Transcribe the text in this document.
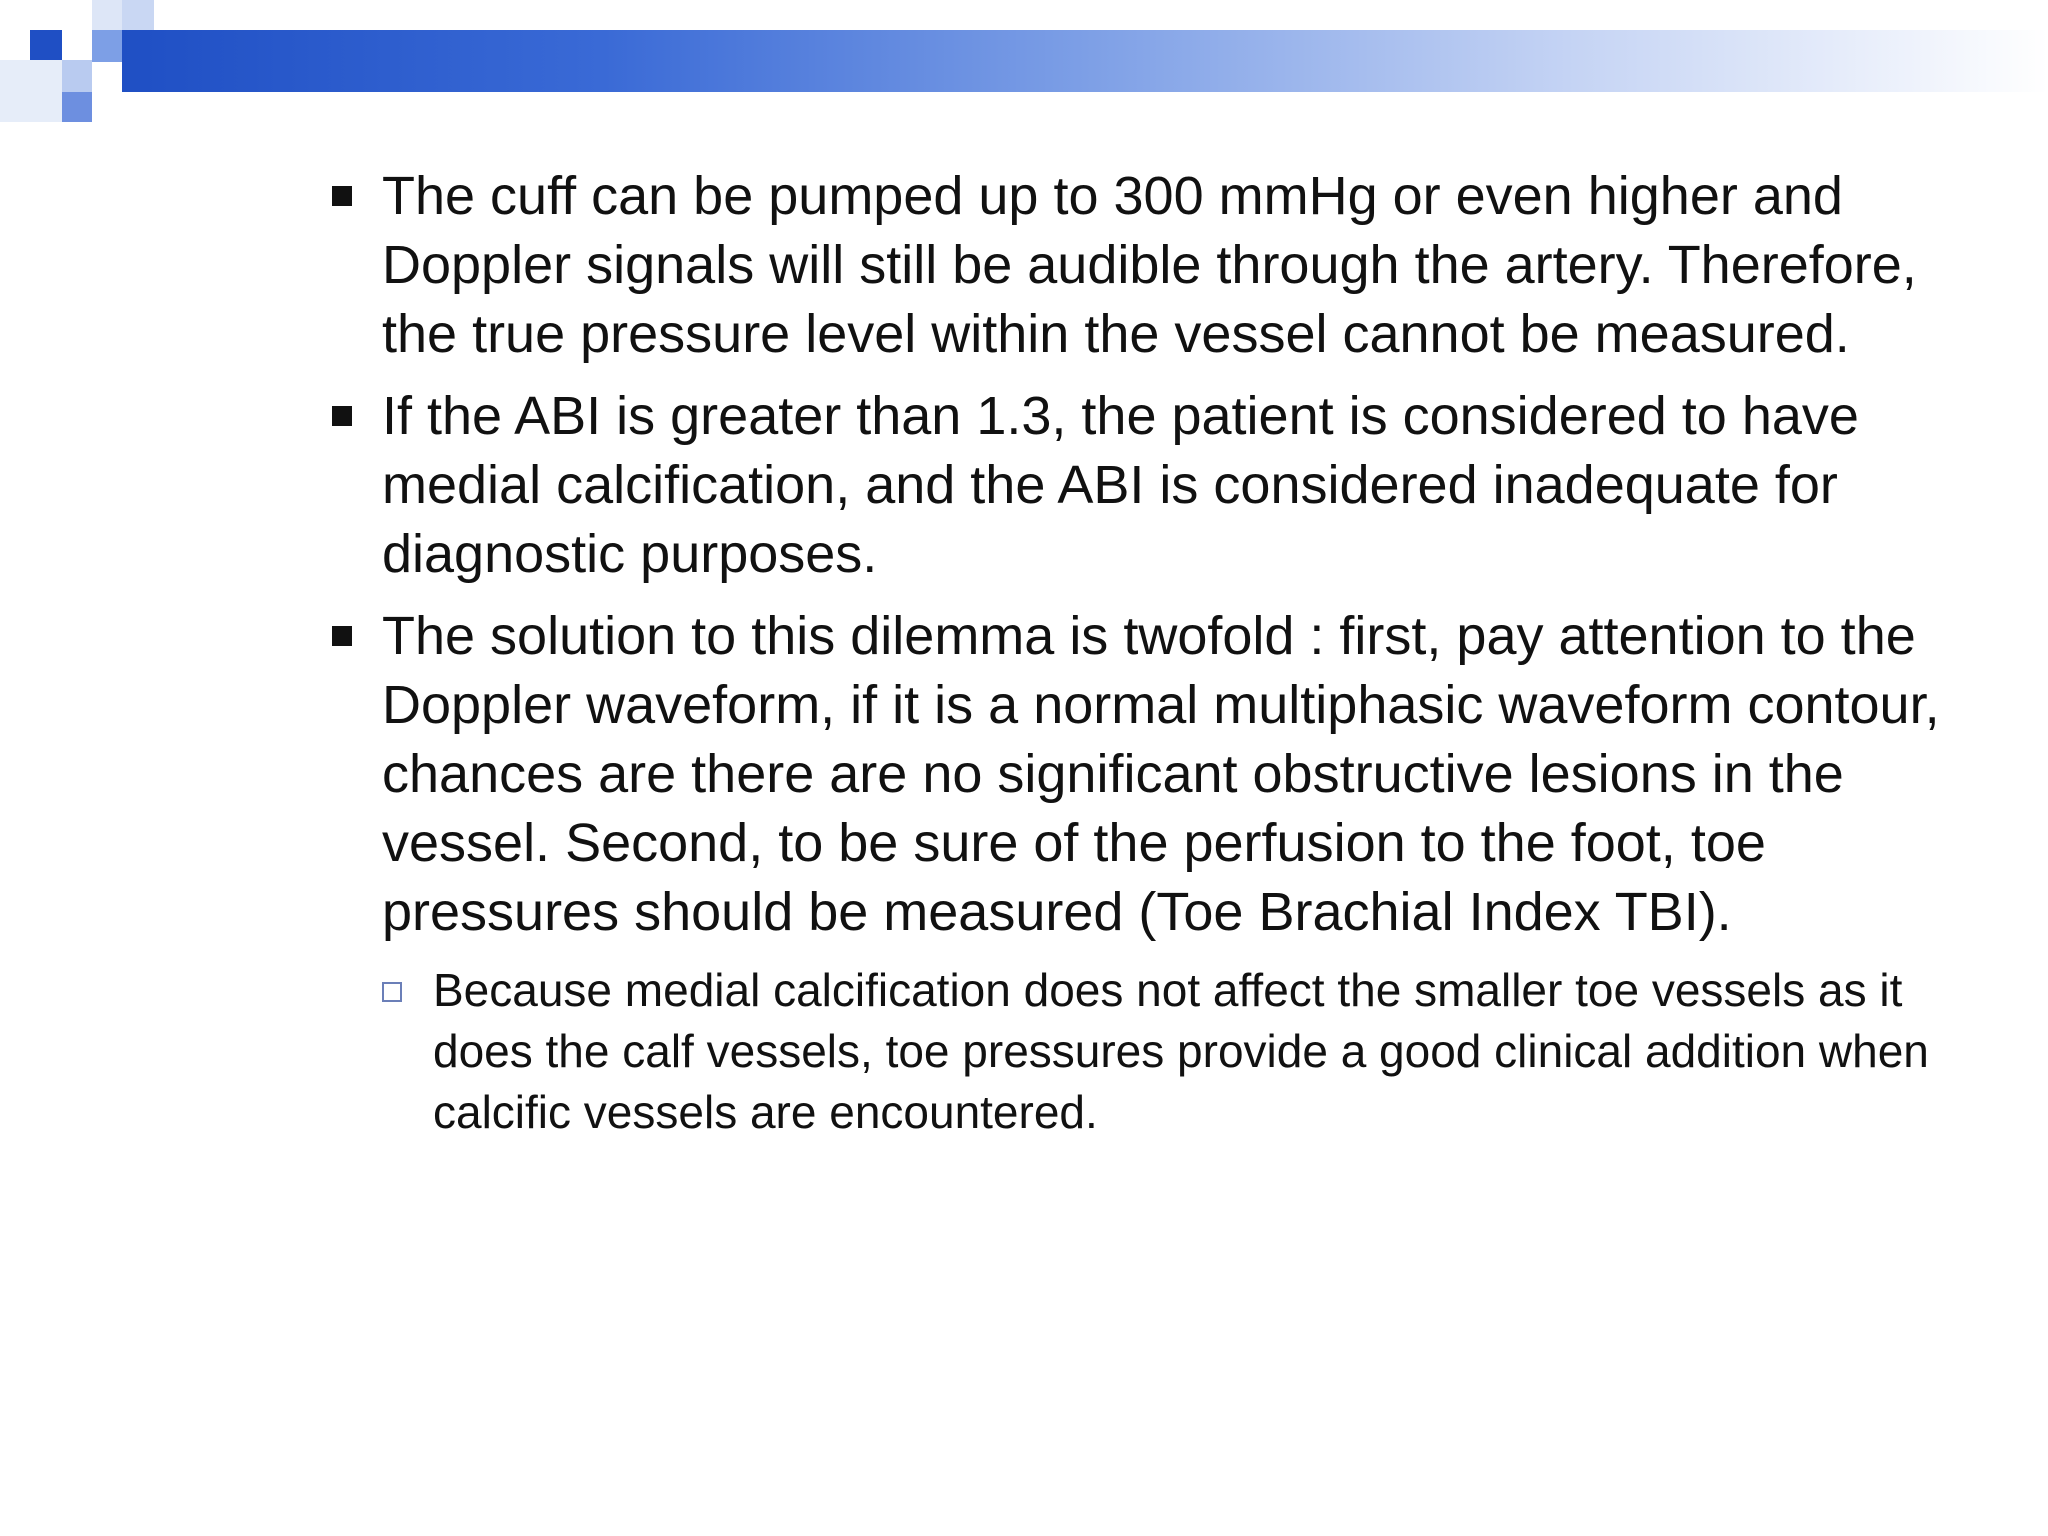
The cuff can be pumped up to 300 mmHg or even higher and Doppler signals will still be audible through the artery. Therefore, the true pressure level within the vessel cannot be measured.
If the ABI is greater than 1.3, the patient is considered to have medial calcification, and the ABI is considered inadequate for diagnostic purposes.
The solution to this dilemma is twofold : first, pay attention to the Doppler waveform, if it is a normal multiphasic waveform contour, chances are there are no significant obstructive lesions in the vessel. Second, to be sure of the perfusion to the foot, toe pressures should be measured (Toe Brachial Index TBI).
Because medial calcification does not affect the smaller toe vessels as it does the calf vessels, toe pressures provide a good clinical addition when calcific vessels are encountered.
